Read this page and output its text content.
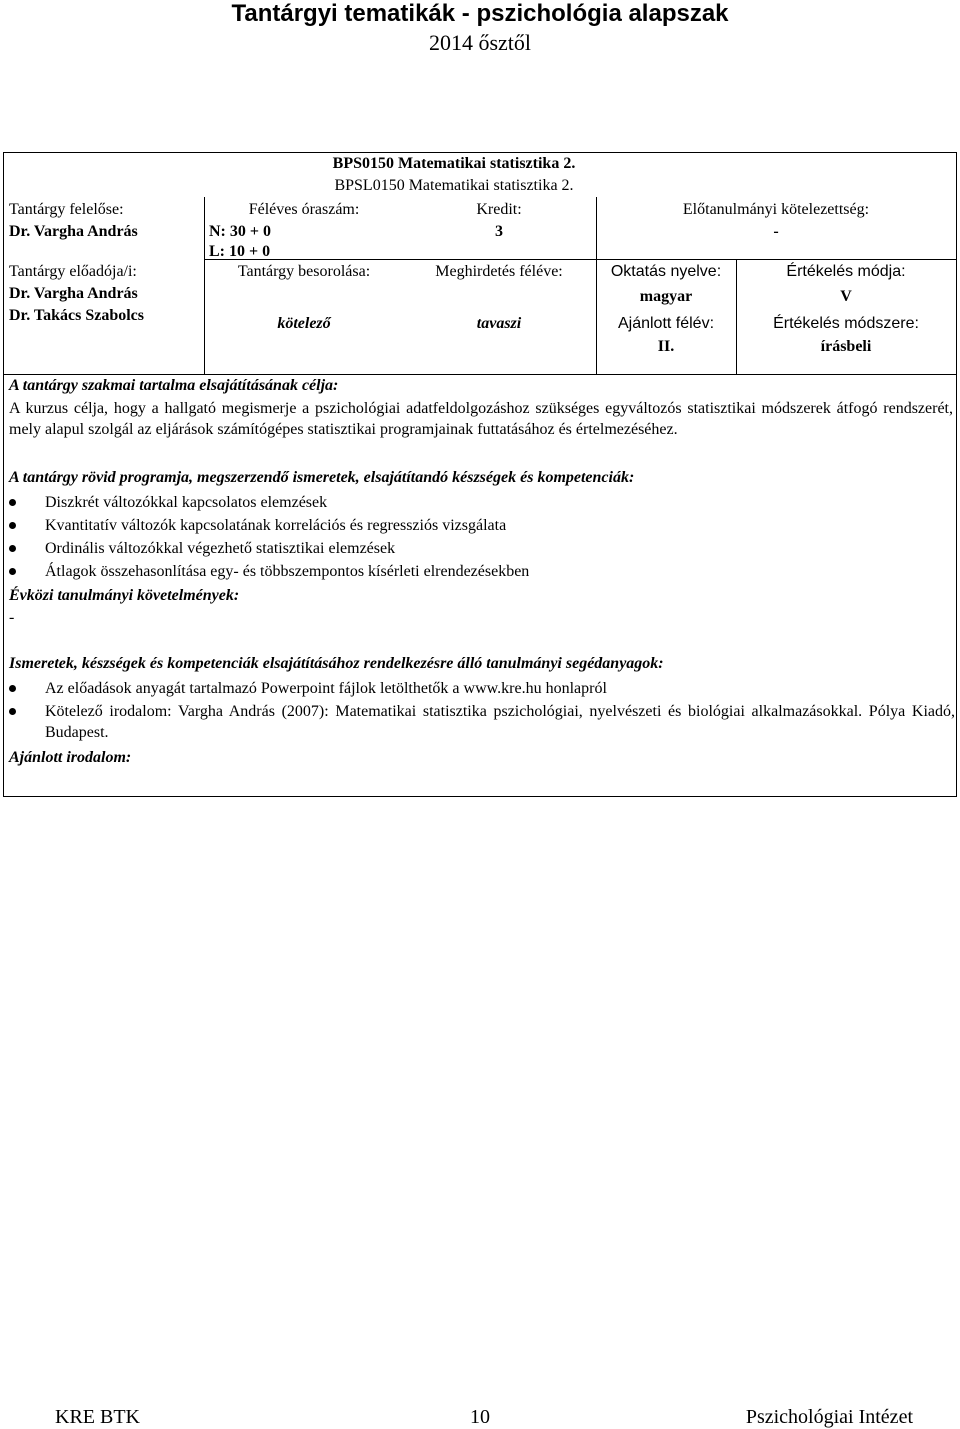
Tantárgyi tematikák - pszichológia alapszak
2014 ősztől
BPS0150 Matematikai statisztika 2.
BPSL0150 Matematikai statisztika 2.
Tantárgy felelőse:
Dr. Vargha András
Tantárgy előadója/i:
Dr. Vargha András
Dr. Takács Szabolcs
Féléves óraszám:
N: 30 + 0
L: 10 + 0
Kredit:
3
Előtanulmányi kötelezettség:
-
Tantárgy besorolása:
kötelező
Meghirdetés féléve:
tavaszi
Oktatás nyelve:
magyar
Ajánlott félév:
II.
Értékelés módja:
V
Értékelés módszere:
írásbeli
A tantárgy szakmai tartalma elsajátításának célja:
A kurzus célja, hogy a hallgató megismerje a pszichológiai adatfeldolgozáshoz szükséges egyváltozós statisztikai módszerek átfogó rendszerét, mely alapul szolgál az eljárások számítógépes statisztikai programjainak futtatásához és értelmezéséhez.
A tantárgy rövid programja, megszerzendő ismeretek, elsajátítandó készségek és kompetenciák:
Diszkrét változókkal kapcsolatos elemzések
Kvantitatív változók kapcsolatának korrelációs és regressziós vizsgálata
Ordinális változókkal végezhető statisztikai elemzések
Átlagok összehasonlítása egy- és többszempontos kísérleti elrendezésekben
Évközi tanulmányi követelmények:
-
Ismeretek, készségek és kompetenciák elsajátításához rendelkezésre álló tanulmányi segédanyagok:
Az előadások anyagát tartalmazó Powerpoint fájlok letölthetők a www.kre.hu honlapról
Kötelező irodalom: Vargha András (2007): Matematikai statisztika pszichológiai, nyelvészeti és biológiai alkalmazásokkal. Pólya Kiadó, Budapest.
Ajánlott irodalom:
KRE BTK	10	Pszichológiai Intézet
